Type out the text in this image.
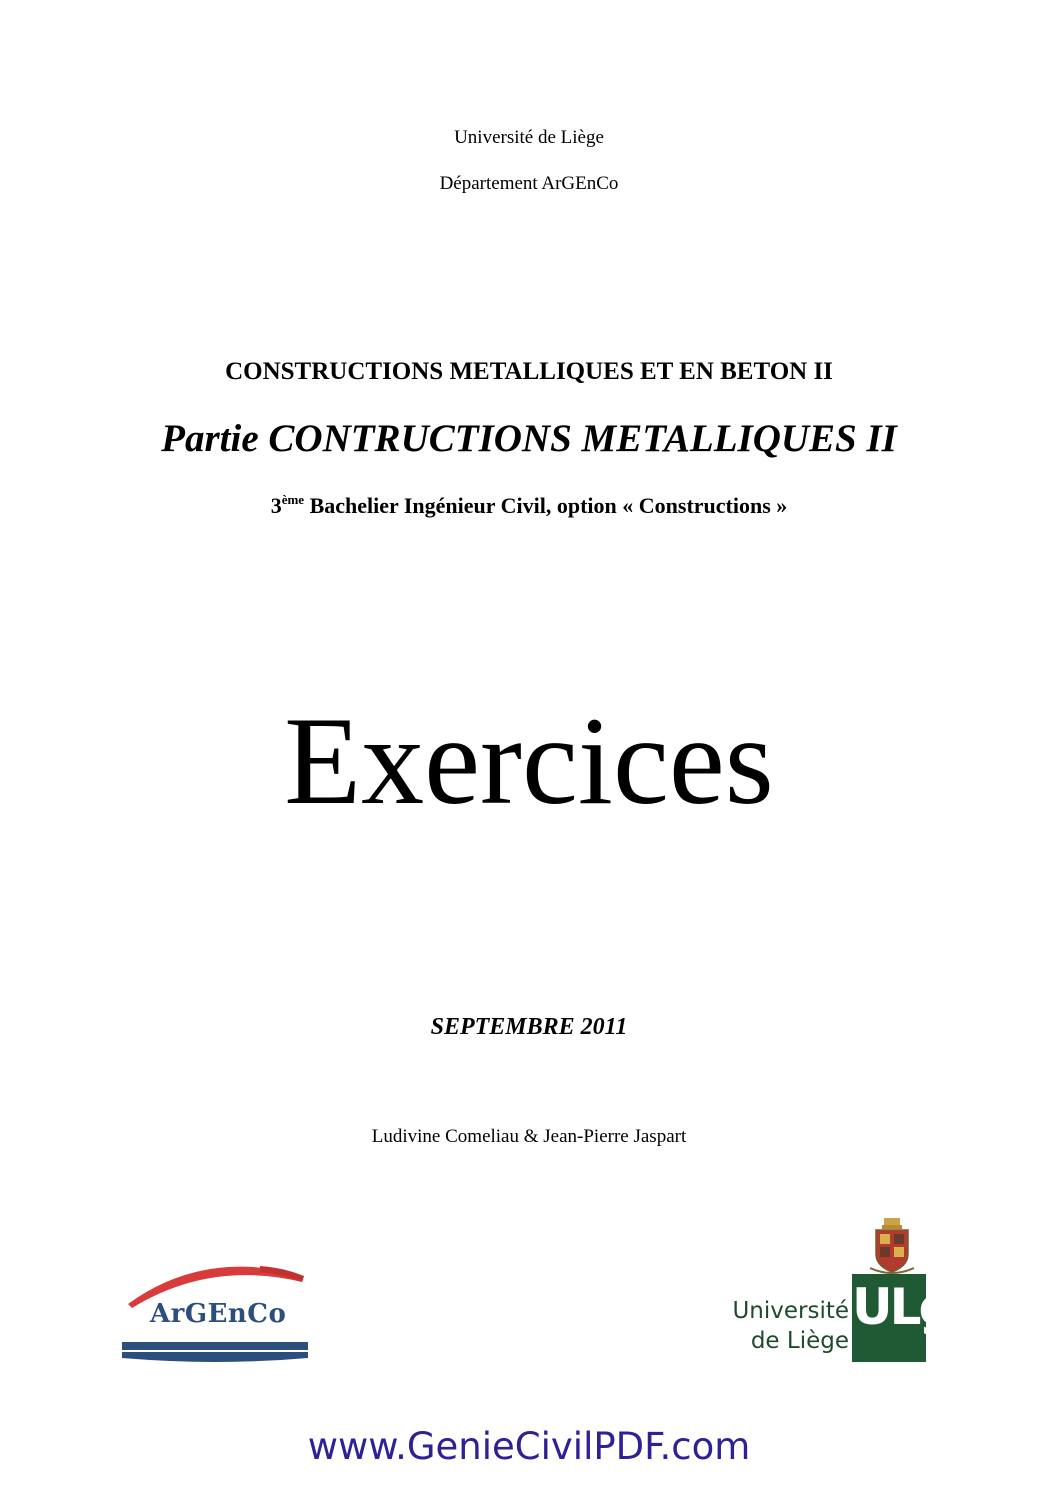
Université de Liège
Département ArGEnCo
CONSTRUCTIONS METALLIQUES ET EN BETON II
Partie CONTRUCTIONS METALLIQUES II
3ème Bachelier Ingénieur Civil, option « Constructions »
Exercices
SEPTEMBRE 2011
Ludivine Comeliau & Jean-Pierre Jaspart
ArGEnCo	Université
de Liège
ULg
www.GenieCivilPDF.com
